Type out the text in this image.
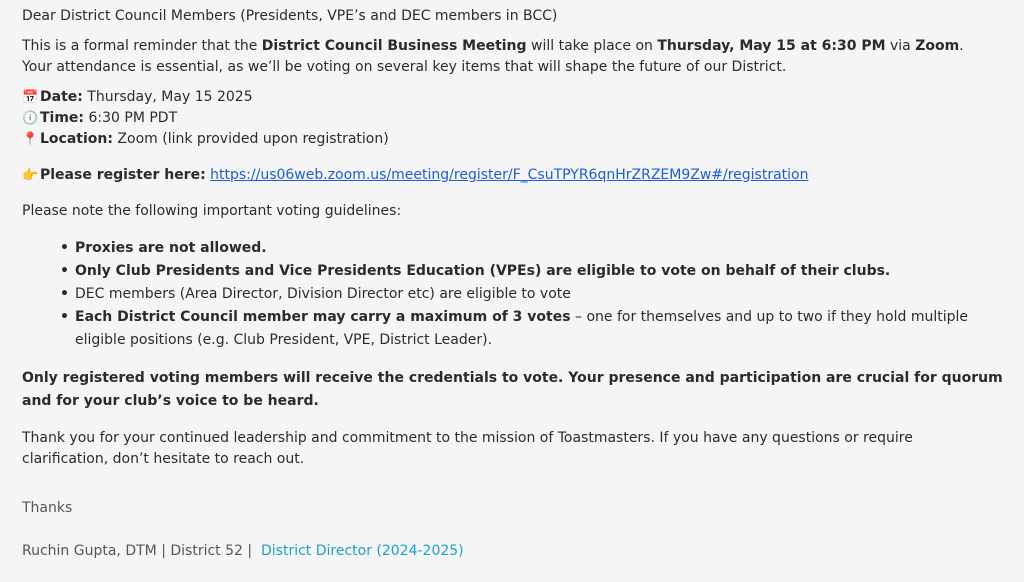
Dear District Council Members (Presidents, VPE’s and DEC members in BCC)

This is a formal reminder that the District Council Business Meeting will take place on Thursday, May 15 at 6:30 PM via Zoom.
Your attendance is essential, as we’ll be voting on several key items that will shape the future of our District.

📅 Date: Thursday, May 15 2025
🕕 Time: 6:30 PM PDT
📍 Location: Zoom (link provided upon registration)

👉 Please register here: https://us06web.zoom.us/meeting/register/F_CsuTPYR6qnHrZRZEM9Zw#/registration

Please note the following important voting guidelines:

• Proxies are not allowed.
• Only Club Presidents and Vice Presidents Education (VPEs) are eligible to vote on behalf of their clubs.
• DEC members (Area Director, Division Director etc) are eligible to vote
• Each District Council member may carry a maximum of 3 votes – one for themselves and up to two if they hold multiple
eligible positions (e.g. Club President, VPE, District Leader).

Only registered voting members will receive the credentials to vote. Your presence and participation are crucial for quorum
and for your club’s voice to be heard.

Thank you for your continued leadership and commitment to the mission of Toastmasters. If you have any questions or require
clarification, don’t hesitate to reach out.

Thanks

Ruchin Gupta, DTM | District 52 |  District Director (2024-2025)
